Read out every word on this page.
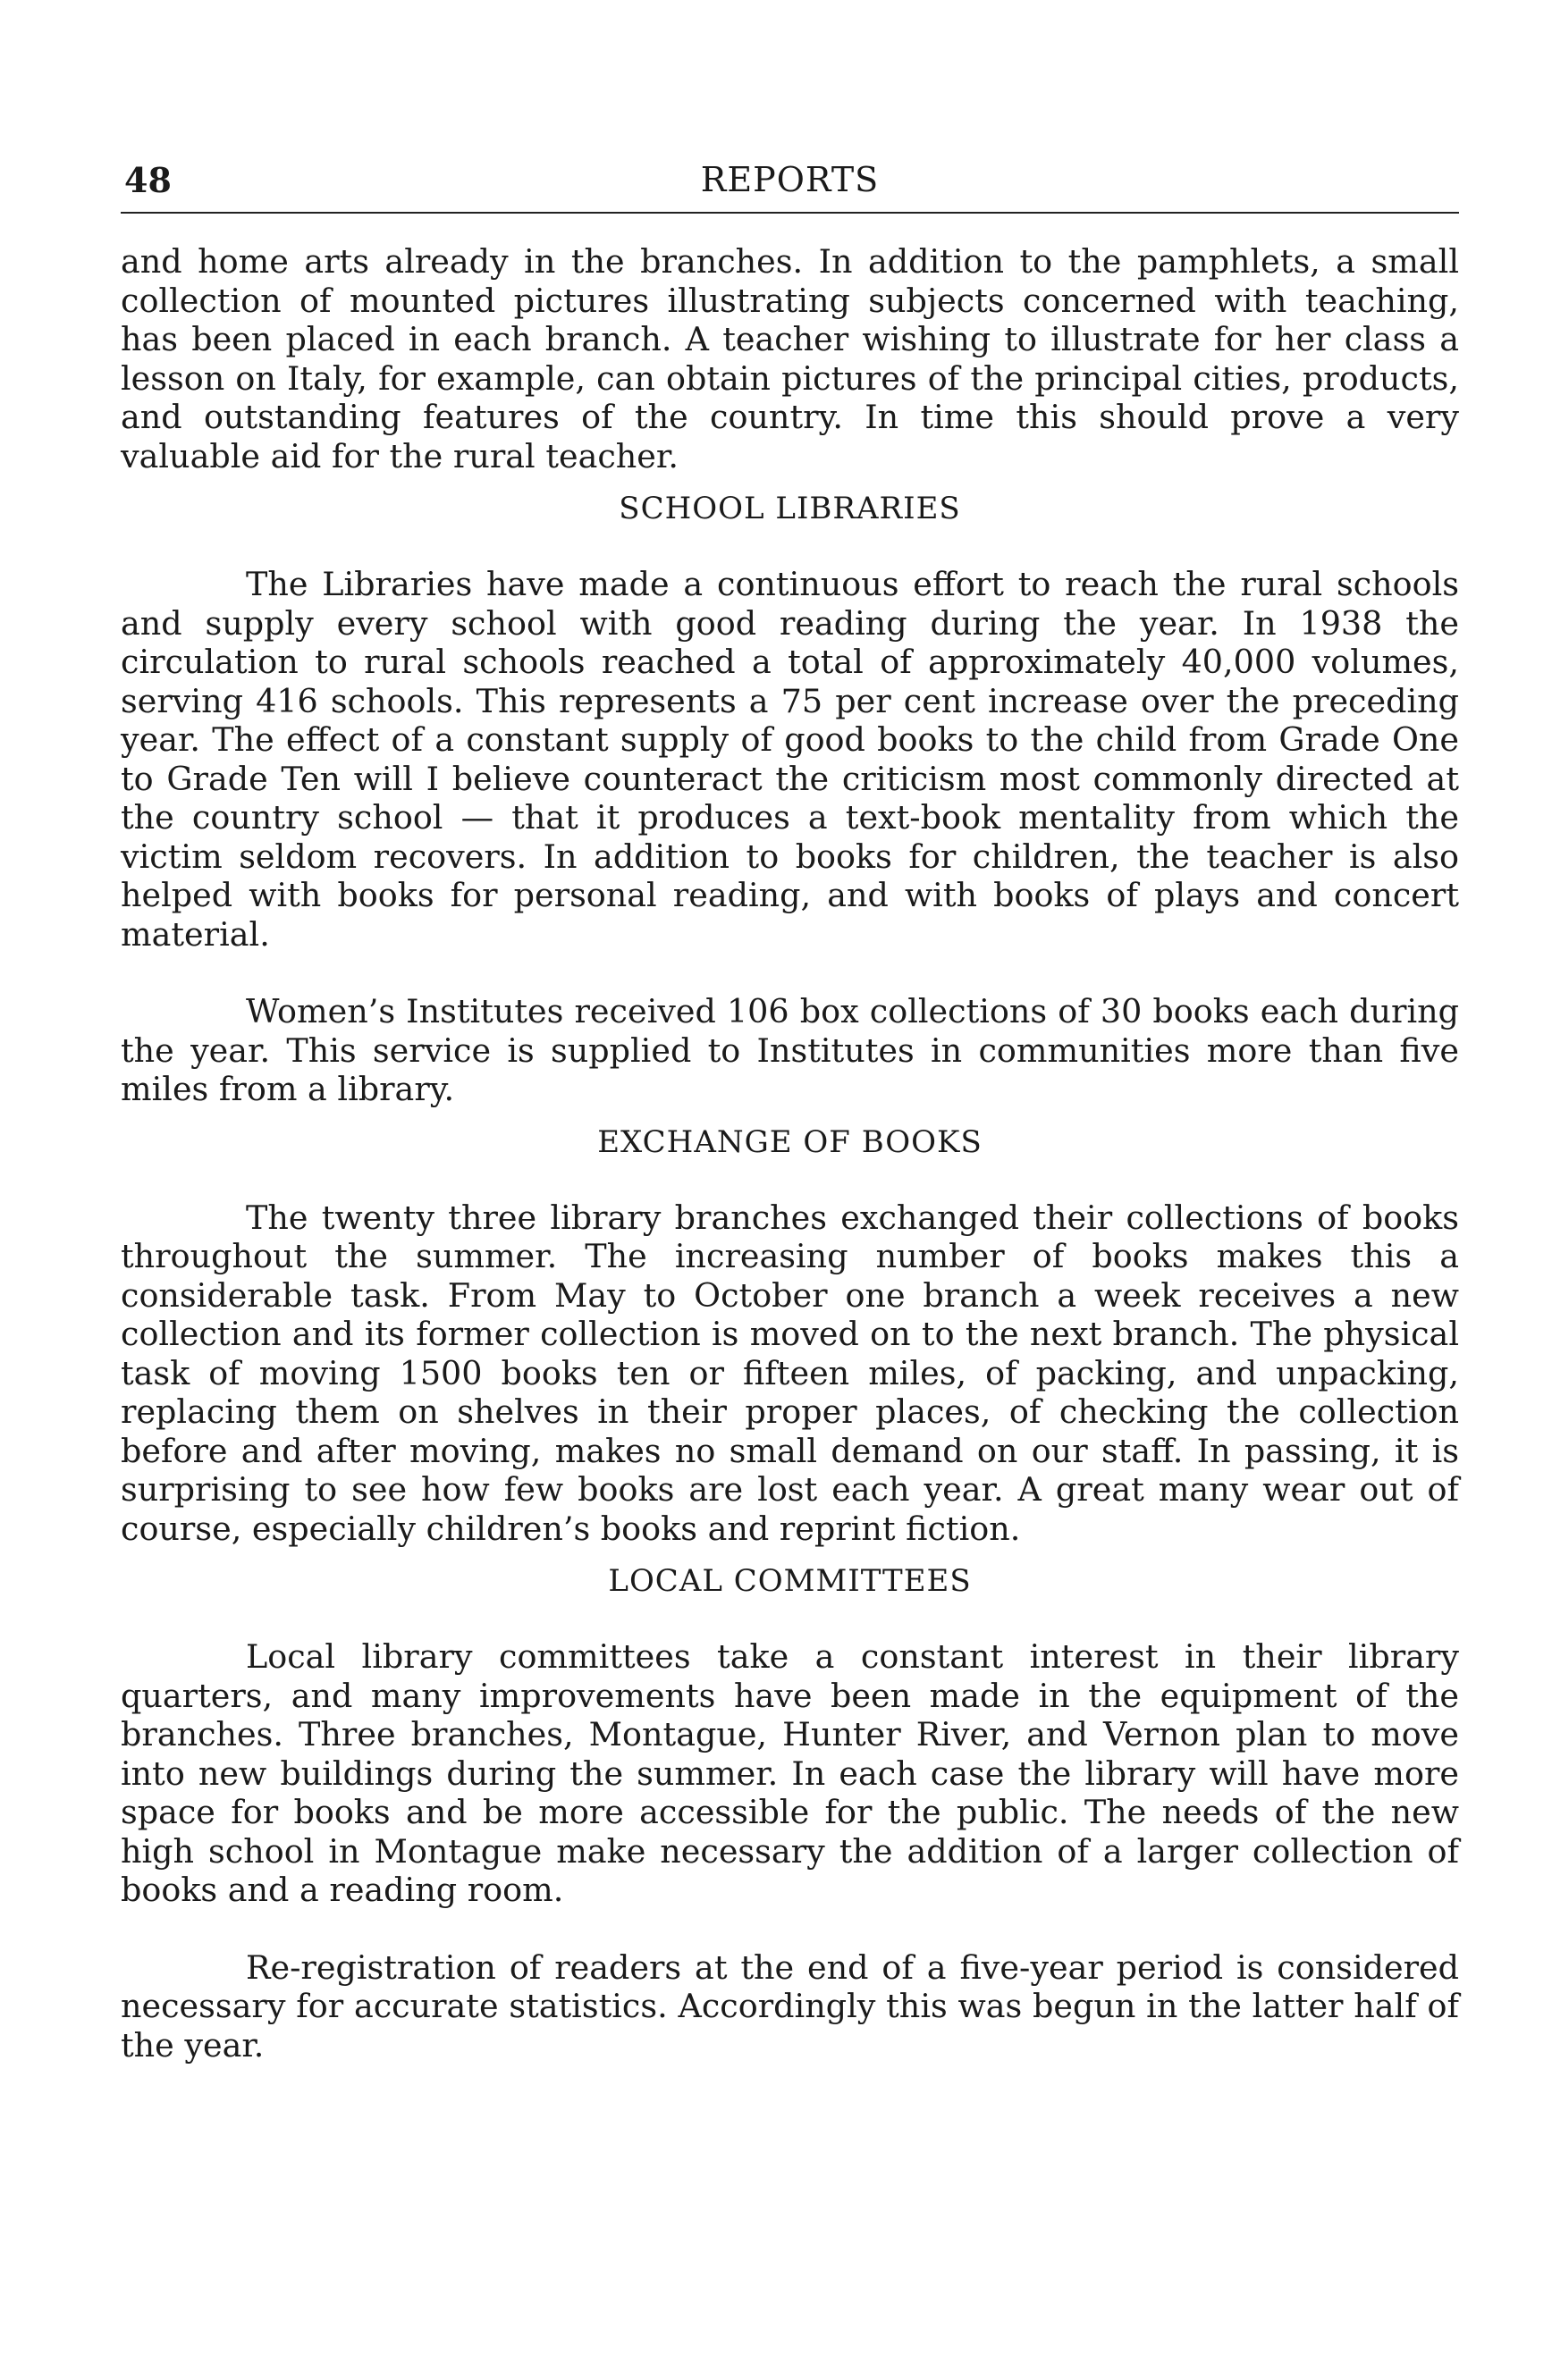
48	REPORTS

and home arts already in the branches. In addition to the pamphlets, a small collection of mounted pictures illustrating subjects concerned with teaching, has been placed in each branch. A teacher wishing to illustrate for her class a lesson on Italy, for example, can obtain pictures of the principal cities, products, and outstanding features of the country. In time this should prove a very valuable aid for the rural teacher.

SCHOOL LIBRARIES

The Libraries have made a continuous effort to reach the rural schools and supply every school with good reading during the year. In 1938 the circulation to rural schools reached a total of approximately 40,000 volumes, serving 416 schools. This represents a 75 per cent increase over the preceding year. The effect of a constant supply of good books to the child from Grade One to Grade Ten will I believe counteract the criticism most commonly directed at the country school — that it produces a text-book mentality from which the victim seldom recovers. In addition to books for children, the teacher is also helped with books for personal reading, and with books of plays and concert material.

Women’s Institutes received 106 box collections of 30 books each during the year. This service is supplied to Institutes in communities more than five miles from a library.

EXCHANGE OF BOOKS

The twenty three library branches exchanged their collections of books throughout the summer. The increasing number of books makes this a considerable task. From May to October one branch a week receives a new collection and its former collection is moved on to the next branch. The physical task of moving 1500 books ten or fifteen miles, of packing, and unpacking, replacing them on shelves in their proper places, of checking the collection before and after moving, makes no small demand on our staff. In passing, it is surprising to see how few books are lost each year. A great many wear out of course, especially children’s books and reprint fiction.

LOCAL COMMITTEES

Local library committees take a constant interest in their library quarters, and many improvements have been made in the equipment of the branches. Three branches, Montague, Hunter River, and Vernon plan to move into new buildings during the summer. In each case the library will have more space for books and be more accessible for the public. The needs of the new high school in Montague make necessary the addition of a larger collection of books and a reading room.

Re-registration of readers at the end of a five-year period is considered necessary for accurate statistics. Accordingly this was begun in the latter half of the year.
